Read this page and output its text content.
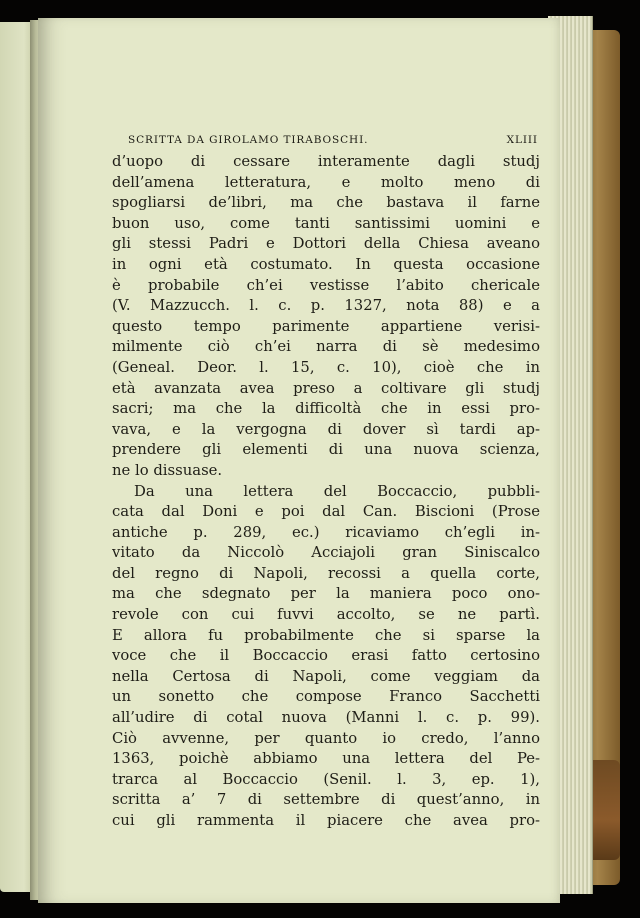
SCRITTA DA GIROLAMO TIRABOSCHI.	XLIII
d’uopo di cessare interamente dagli studj
dell’amena letteratura, e molto meno di
spogliarsi de’libri, ma che bastava il farne
buon uso, come tanti santissimi uomini e
gli stessi Padri e Dottori della Chiesa aveano
in ogni età costumato. In questa occasione
è probabile ch’ei vestisse l’abito chericale
(V. Mazzucch. l. c. p. 1327, nota 88) e a
questo tempo parimente appartiene verisi-
milmente ciò ch’ei narra di sè medesimo
(Geneal. Deor. l. 15, c. 10), cioè che in
età avanzata avea preso a coltivare gli studj
sacri; ma che la difficoltà che in essi pro-
vava, e la vergogna di dover sì tardi ap-
prendere gli elementi di una nuova scienza,
ne lo dissuase.
Da una lettera del Boccaccio, pubbli-
cata dal Doni e poi dal Can. Biscioni (Prose
antiche p. 289, ec.) ricaviamo ch’egli in-
vitato da Niccolò Acciajoli gran Siniscalco
del regno di Napoli, recossi a quella corte,
ma che sdegnato per la maniera poco ono-
revole con cui fuvvi accolto, se ne partì.
E allora fu probabilmente che si sparse la
voce che il Boccaccio erasi fatto certosino
nella Certosa di Napoli, come veggiam da
un sonetto che compose Franco Sacchetti
all’udire di cotal nuova (Manni l. c. p. 99).
Ciò avvenne, per quanto io credo, l’anno
1363, poichè abbiamo una lettera del Pe-
trarca al Boccaccio (Senil. l. 3, ep. 1),
scritta a’ 7 di settembre di quest’anno, in
cui gli rammenta il piacere che avea pro-
